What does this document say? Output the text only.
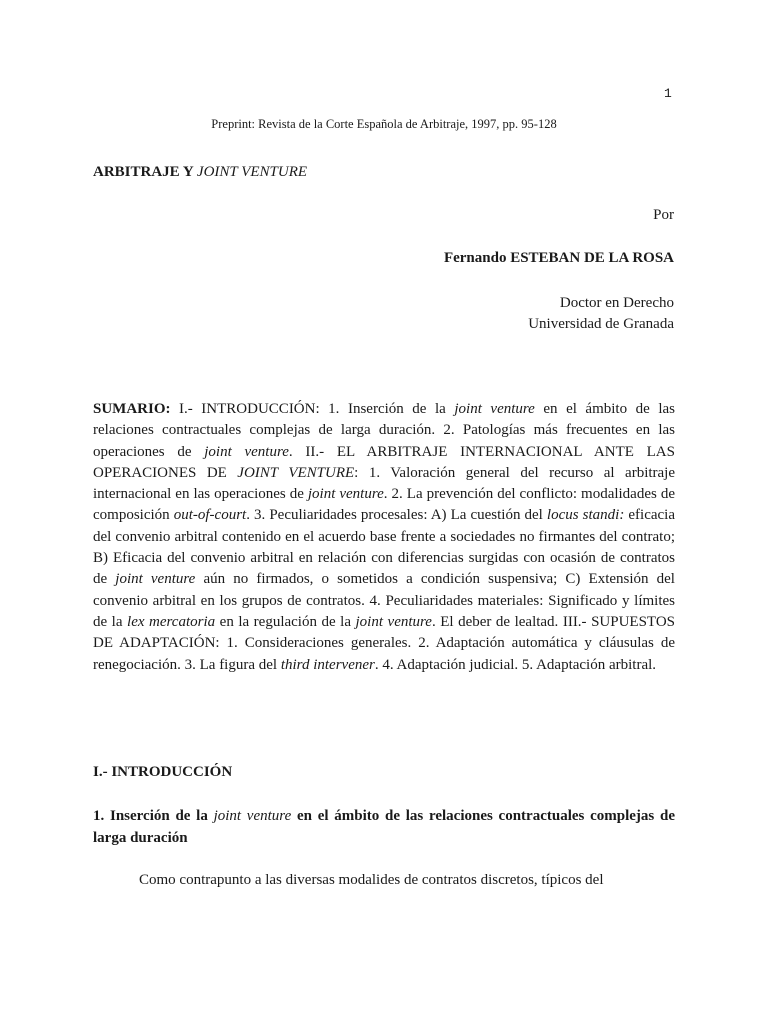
1
Preprint: Revista de la Corte Española de Arbitraje, 1997, pp. 95-128
ARBITRAJE Y JOINT VENTURE
Por
Fernando ESTEBAN DE LA ROSA
Doctor en Derecho
Universidad de Granada
SUMARIO: I.- INTRODUCCIÓN: 1. Inserción de la joint venture en el ámbito de las relaciones contractuales complejas de larga duración. 2. Patologías más frecuentes en las operaciones de joint venture. II.- EL ARBITRAJE INTERNACIONAL ANTE LAS OPERACIONES DE JOINT VENTURE: 1. Valoración general del recurso al arbitraje internacional en las operaciones de joint venture. 2. La prevención del conflicto: modalidades de composición out-of-court. 3. Peculiaridades procesales: A) La cuestión del locus standi: eficacia del convenio arbitral contenido en el acuerdo base frente a sociedades no firmantes del contrato; B) Eficacia del convenio arbitral en relación con diferencias surgidas con ocasión de contratos de joint venture aún no firmados, o sometidos a condición suspensiva; C) Extensión del convenio arbitral en los grupos de contratos. 4. Peculiaridades materiales: Significado y límites de la lex mercatoria en la regulación de la joint venture. El deber de lealtad. III.- SUPUESTOS DE ADAPTACIÓN: 1. Consideraciones generales. 2. Adaptación automática y cláusulas de renegociación. 3. La figura del third intervener. 4. Adaptación judicial. 5. Adaptación arbitral.
I.- INTRODUCCIÓN
1. Inserción de la joint venture en el ámbito de las relaciones contractuales complejas de larga duración
Como contrapunto a las diversas modalides de contratos discretos, típicos del
